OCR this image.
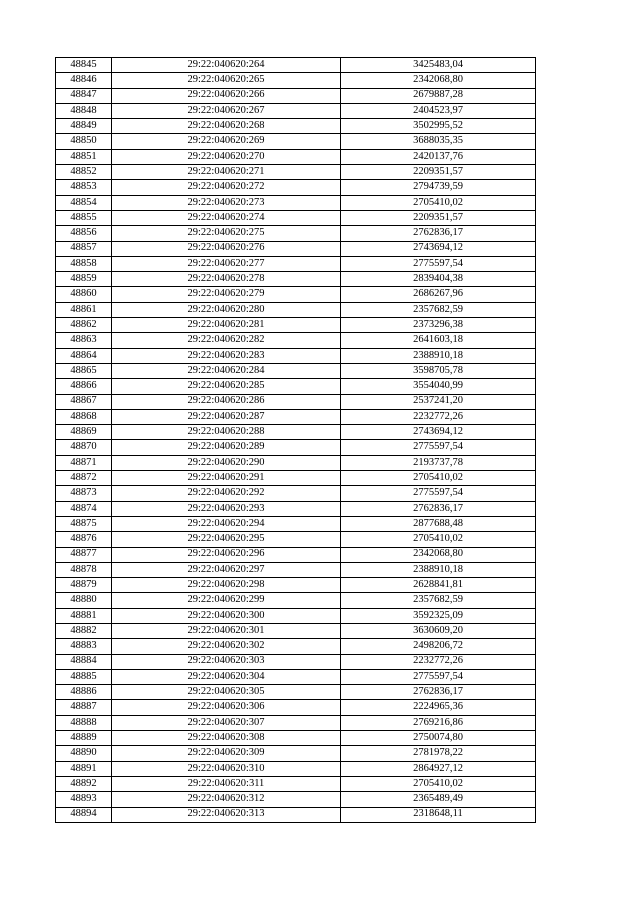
48845	29:22:040620:264	3425483,04
48846	29:22:040620:265	2342068,80
48847	29:22:040620:266	2679887,28
48848	29:22:040620:267	2404523,97
48849	29:22:040620:268	3502995,52
48850	29:22:040620:269	3688035,35
48851	29:22:040620:270	2420137,76
48852	29:22:040620:271	2209351,57
48853	29:22:040620:272	2794739,59
48854	29:22:040620:273	2705410,02
48855	29:22:040620:274	2209351,57
48856	29:22:040620:275	2762836,17
48857	29:22:040620:276	2743694,12
48858	29:22:040620:277	2775597,54
48859	29:22:040620:278	2839404,38
48860	29:22:040620:279	2686267,96
48861	29:22:040620:280	2357682,59
48862	29:22:040620:281	2373296,38
48863	29:22:040620:282	2641603,18
48864	29:22:040620:283	2388910,18
48865	29:22:040620:284	3598705,78
48866	29:22:040620:285	3554040,99
48867	29:22:040620:286	2537241,20
48868	29:22:040620:287	2232772,26
48869	29:22:040620:288	2743694,12
48870	29:22:040620:289	2775597,54
48871	29:22:040620:290	2193737,78
48872	29:22:040620:291	2705410,02
48873	29:22:040620:292	2775597,54
48874	29:22:040620:293	2762836,17
48875	29:22:040620:294	2877688,48
48876	29:22:040620:295	2705410,02
48877	29:22:040620:296	2342068,80
48878	29:22:040620:297	2388910,18
48879	29:22:040620:298	2628841,81
48880	29:22:040620:299	2357682,59
48881	29:22:040620:300	3592325,09
48882	29:22:040620:301	3630609,20
48883	29:22:040620:302	2498206,72
48884	29:22:040620:303	2232772,26
48885	29:22:040620:304	2775597,54
48886	29:22:040620:305	2762836,17
48887	29:22:040620:306	2224965,36
48888	29:22:040620:307	2769216,86
48889	29:22:040620:308	2750074,80
48890	29:22:040620:309	2781978,22
48891	29:22:040620:310	2864927,12
48892	29:22:040620:311	2705410,02
48893	29:22:040620:312	2365489,49
48894	29:22:040620:313	2318648,11
